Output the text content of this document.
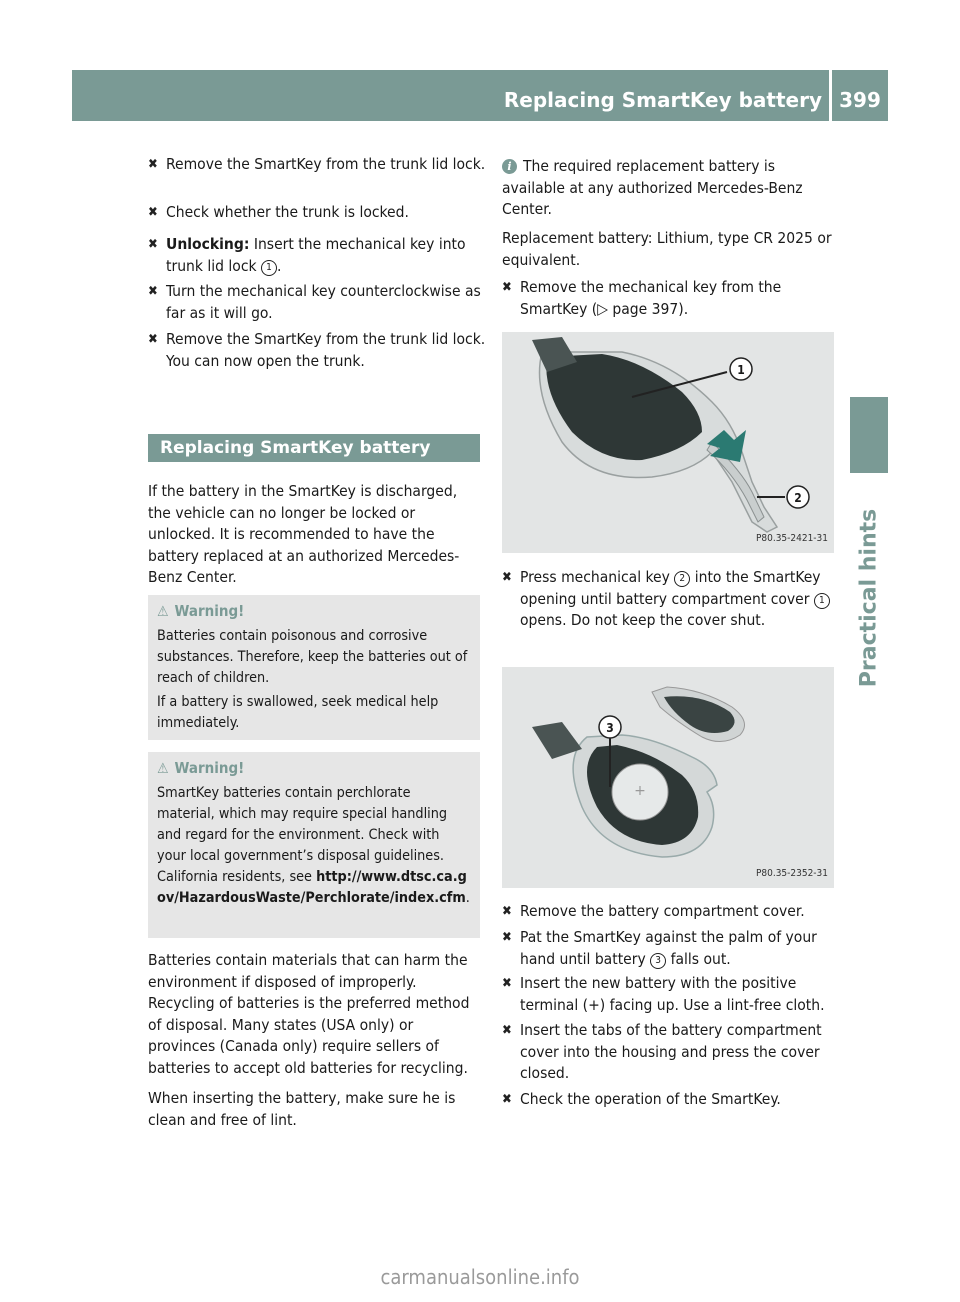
Replacing SmartKey battery 399
Practical hints
✖ Remove the SmartKey from the trunk lid lock.
✖ Check whether the trunk is locked.
✖ Unlocking: Insert the mechanical key into trunk lid lock 1 .
✖ Turn the mechanical key counterclockwise as far as it will go.
✖ Remove the SmartKey from the trunk lid lock.
You can now open the trunk.
Replacing SmartKey battery
If the battery in the SmartKey is discharged, the vehicle can no longer be locked or unlocked. It is recommended to have the battery replaced at an authorized Mercedes-Benz Center.
⚠ Warning!
Batteries contain poisonous and corrosive substances. Therefore, keep the batteries out of reach of children.
If a battery is swallowed, seek medical help immediately.
⚠ Warning!
SmartKey batteries contain perchlorate material, which may require special handling and regard for the environment. Check with your local government’s disposal guidelines. California residents, see http://www.dtsc.ca.gov/HazardousWaste/Perchlorate/index.cfm.
Batteries contain materials that can harm the environment if disposed of improperly. Recycling of batteries is the preferred method of disposal. Many states (USA only) or provinces (Canada only) require sellers of batteries to accept old batteries for recycling.
When inserting the battery, make sure he is clean and free of lint.
i The required replacement battery is available at any authorized Mercedes-Benz Center.
Replacement battery: Lithium, type CR 2025 or equivalent.
✖ Remove the mechanical key from the SmartKey (▷ page 397).
1
2
P80.35-2421-31
✖ Press mechanical key 2 into the SmartKey opening until battery compartment cover 1 opens. Do not keep the cover shut.
+
3
P80.35-2352-31
✖ Remove the battery compartment cover.
✖ Pat the SmartKey against the palm of your hand until battery 3 falls out.
✖ Insert the new battery with the positive terminal (+) facing up. Use a lint-free cloth.
✖ Insert the tabs of the battery compartment cover into the housing and press the cover closed.
✖ Check the operation of the SmartKey.
carmanualsonline.info
